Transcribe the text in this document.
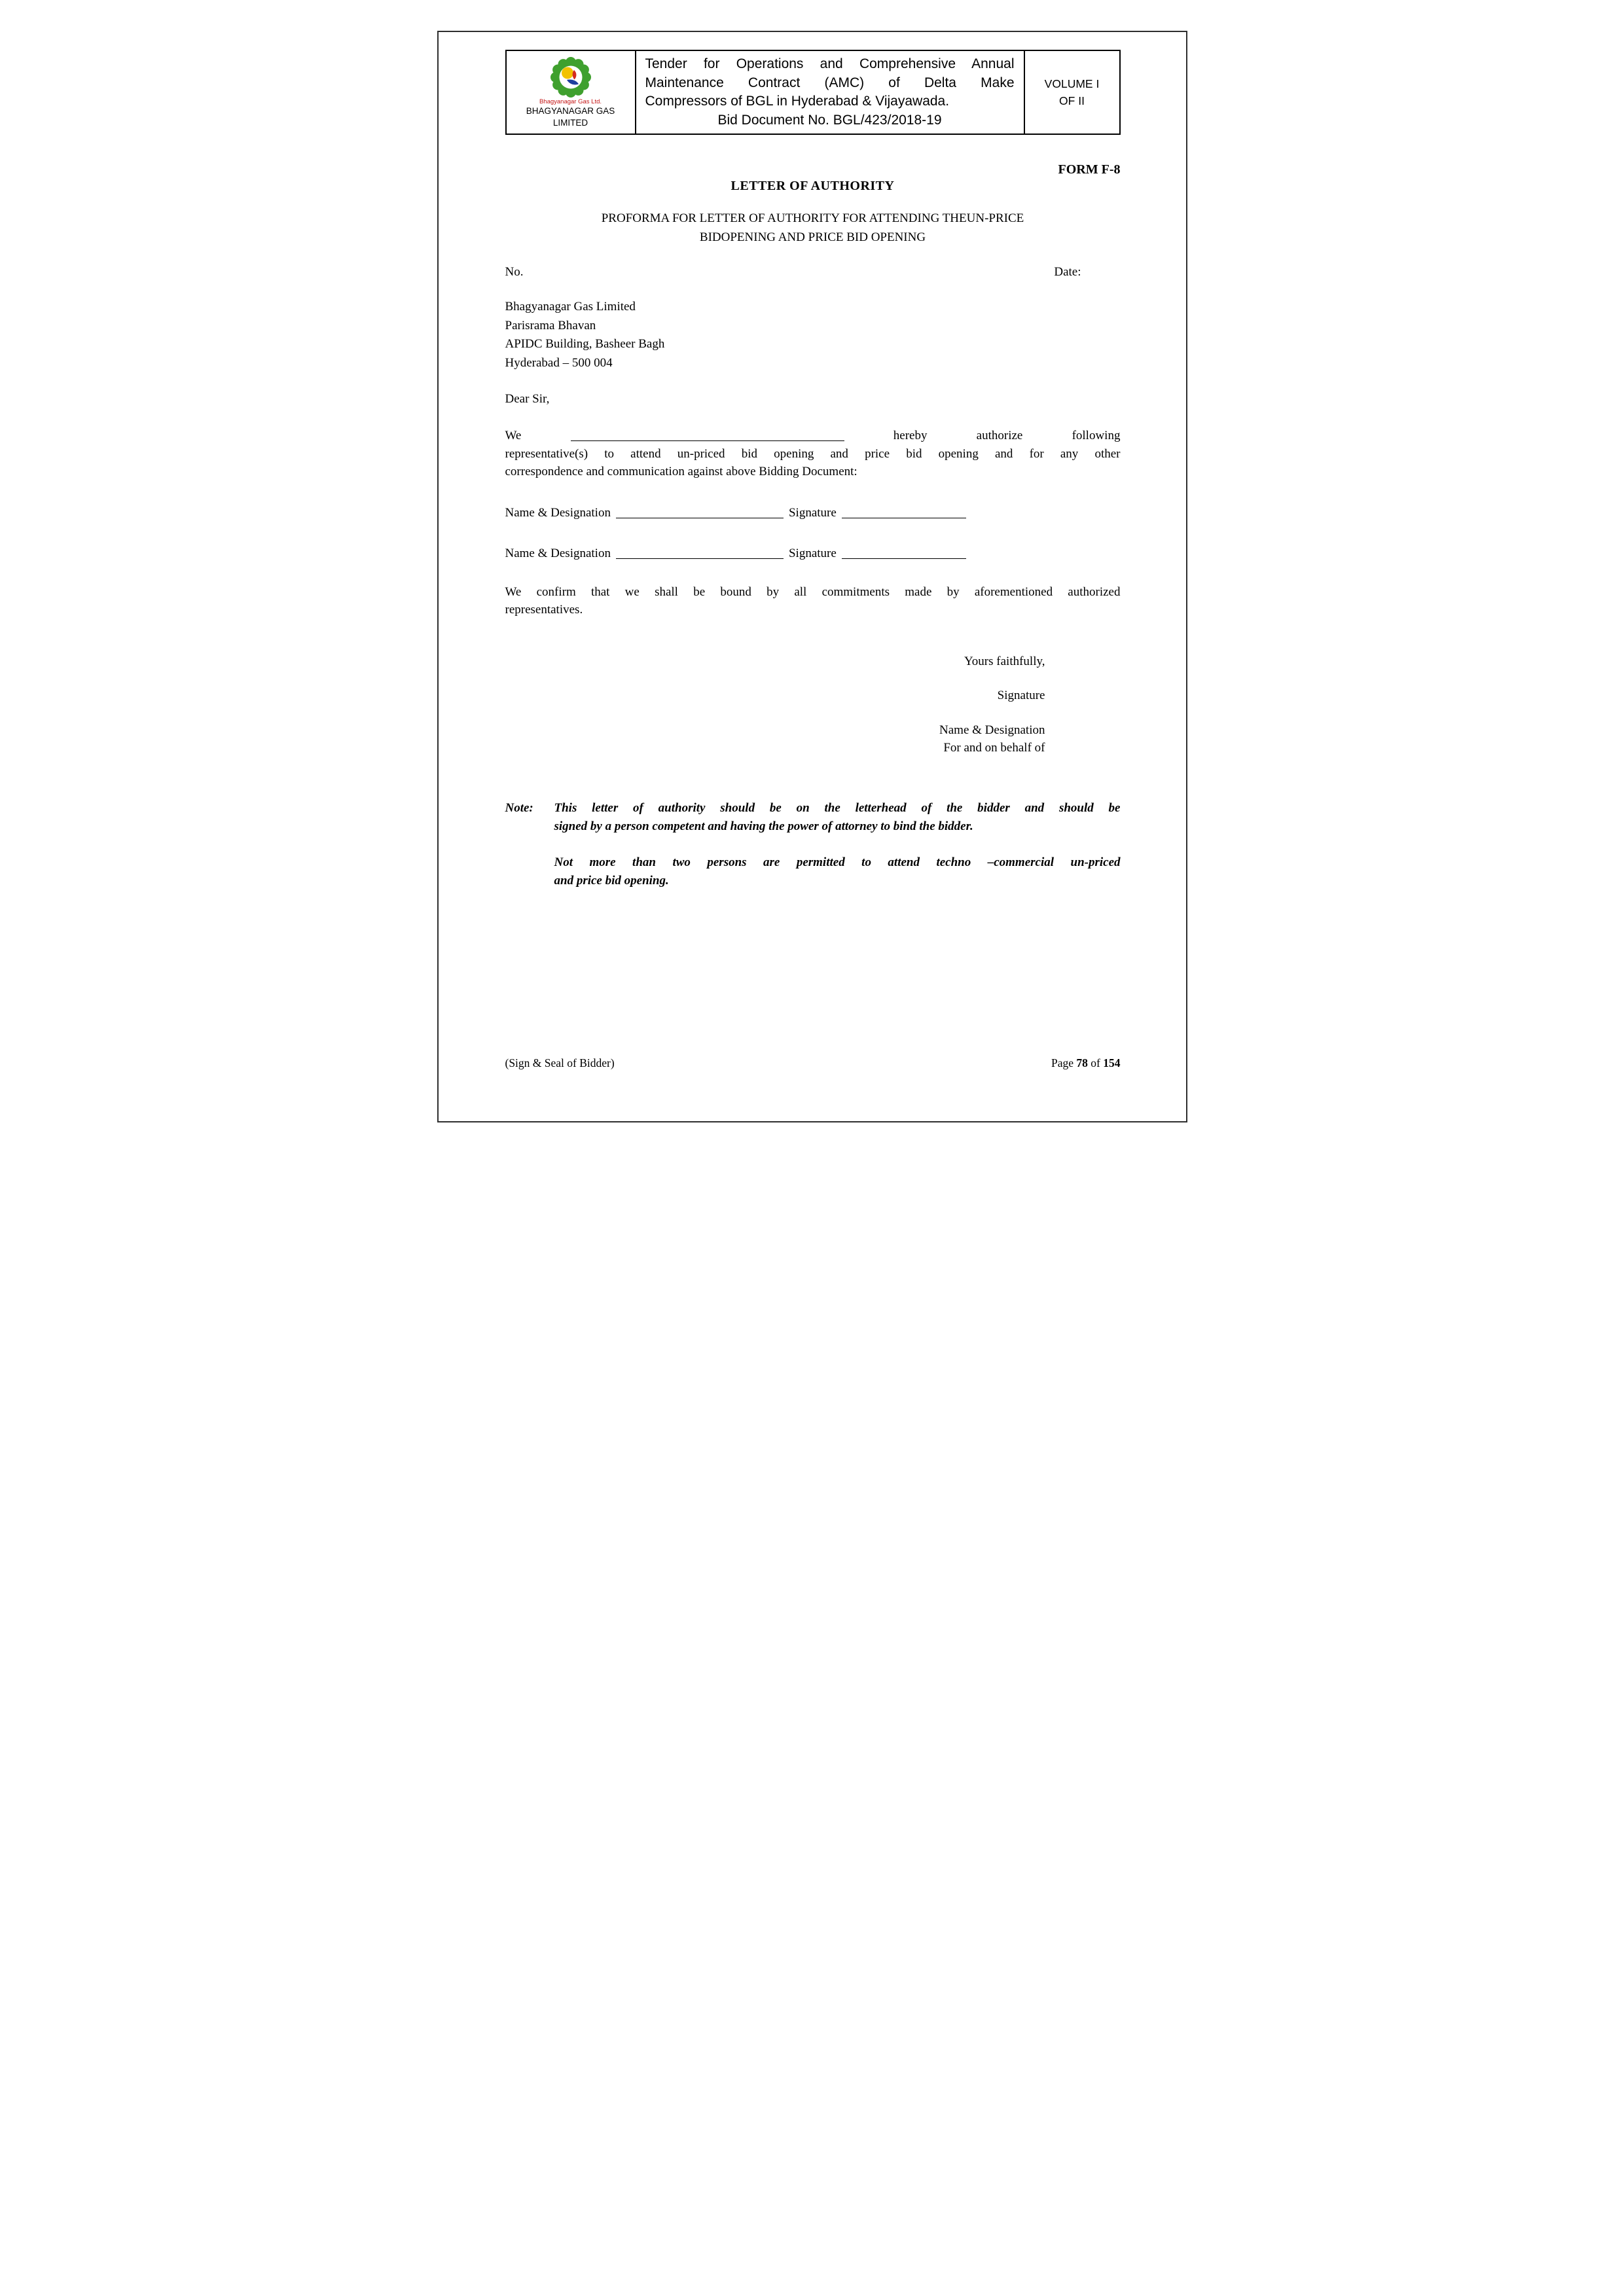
Bhagyanagar Gas Ltd.
BHAGYANAGAR GAS
LIMITED

Tender for Operations and Comprehensive Annual
Maintenance Contract (AMC) of Delta Make
Compressors of BGL in Hyderabad & Vijayawada.
Bid Document No. BGL/423/2018-19

VOLUME I
OF II
FORM F-8
LETTER OF AUTHORITY
PROFORMA FOR LETTER OF AUTHORITY FOR ATTENDING THEUN-PRICE
BIDOPENING AND PRICE BID OPENING
No.	Date:
Bhagyanagar Gas Limited
Parisrama Bhavan
APIDC Building, Basheer Bagh
Hyderabad – 500 004
Dear Sir,
We	hereby	authorize	following
representative(s) to attend un-priced bid opening and price bid opening and for any other
correspondence and communication against above Bidding Document:
Name & Designation	Signature
Name & Designation	Signature
We confirm that we shall be bound by all commitments made by aforementioned authorized
representatives.
Yours faithfully,
Signature
Name & Designation
For and on behalf of
Note:	This letter of authority should be on the letterhead of the bidder and should be
signed by a person competent and having the power of attorney to bind the bidder.
Not more than two persons are permitted to attend techno –commercial un-priced
and price bid opening.
(Sign & Seal of Bidder)	Page 78 of 154
